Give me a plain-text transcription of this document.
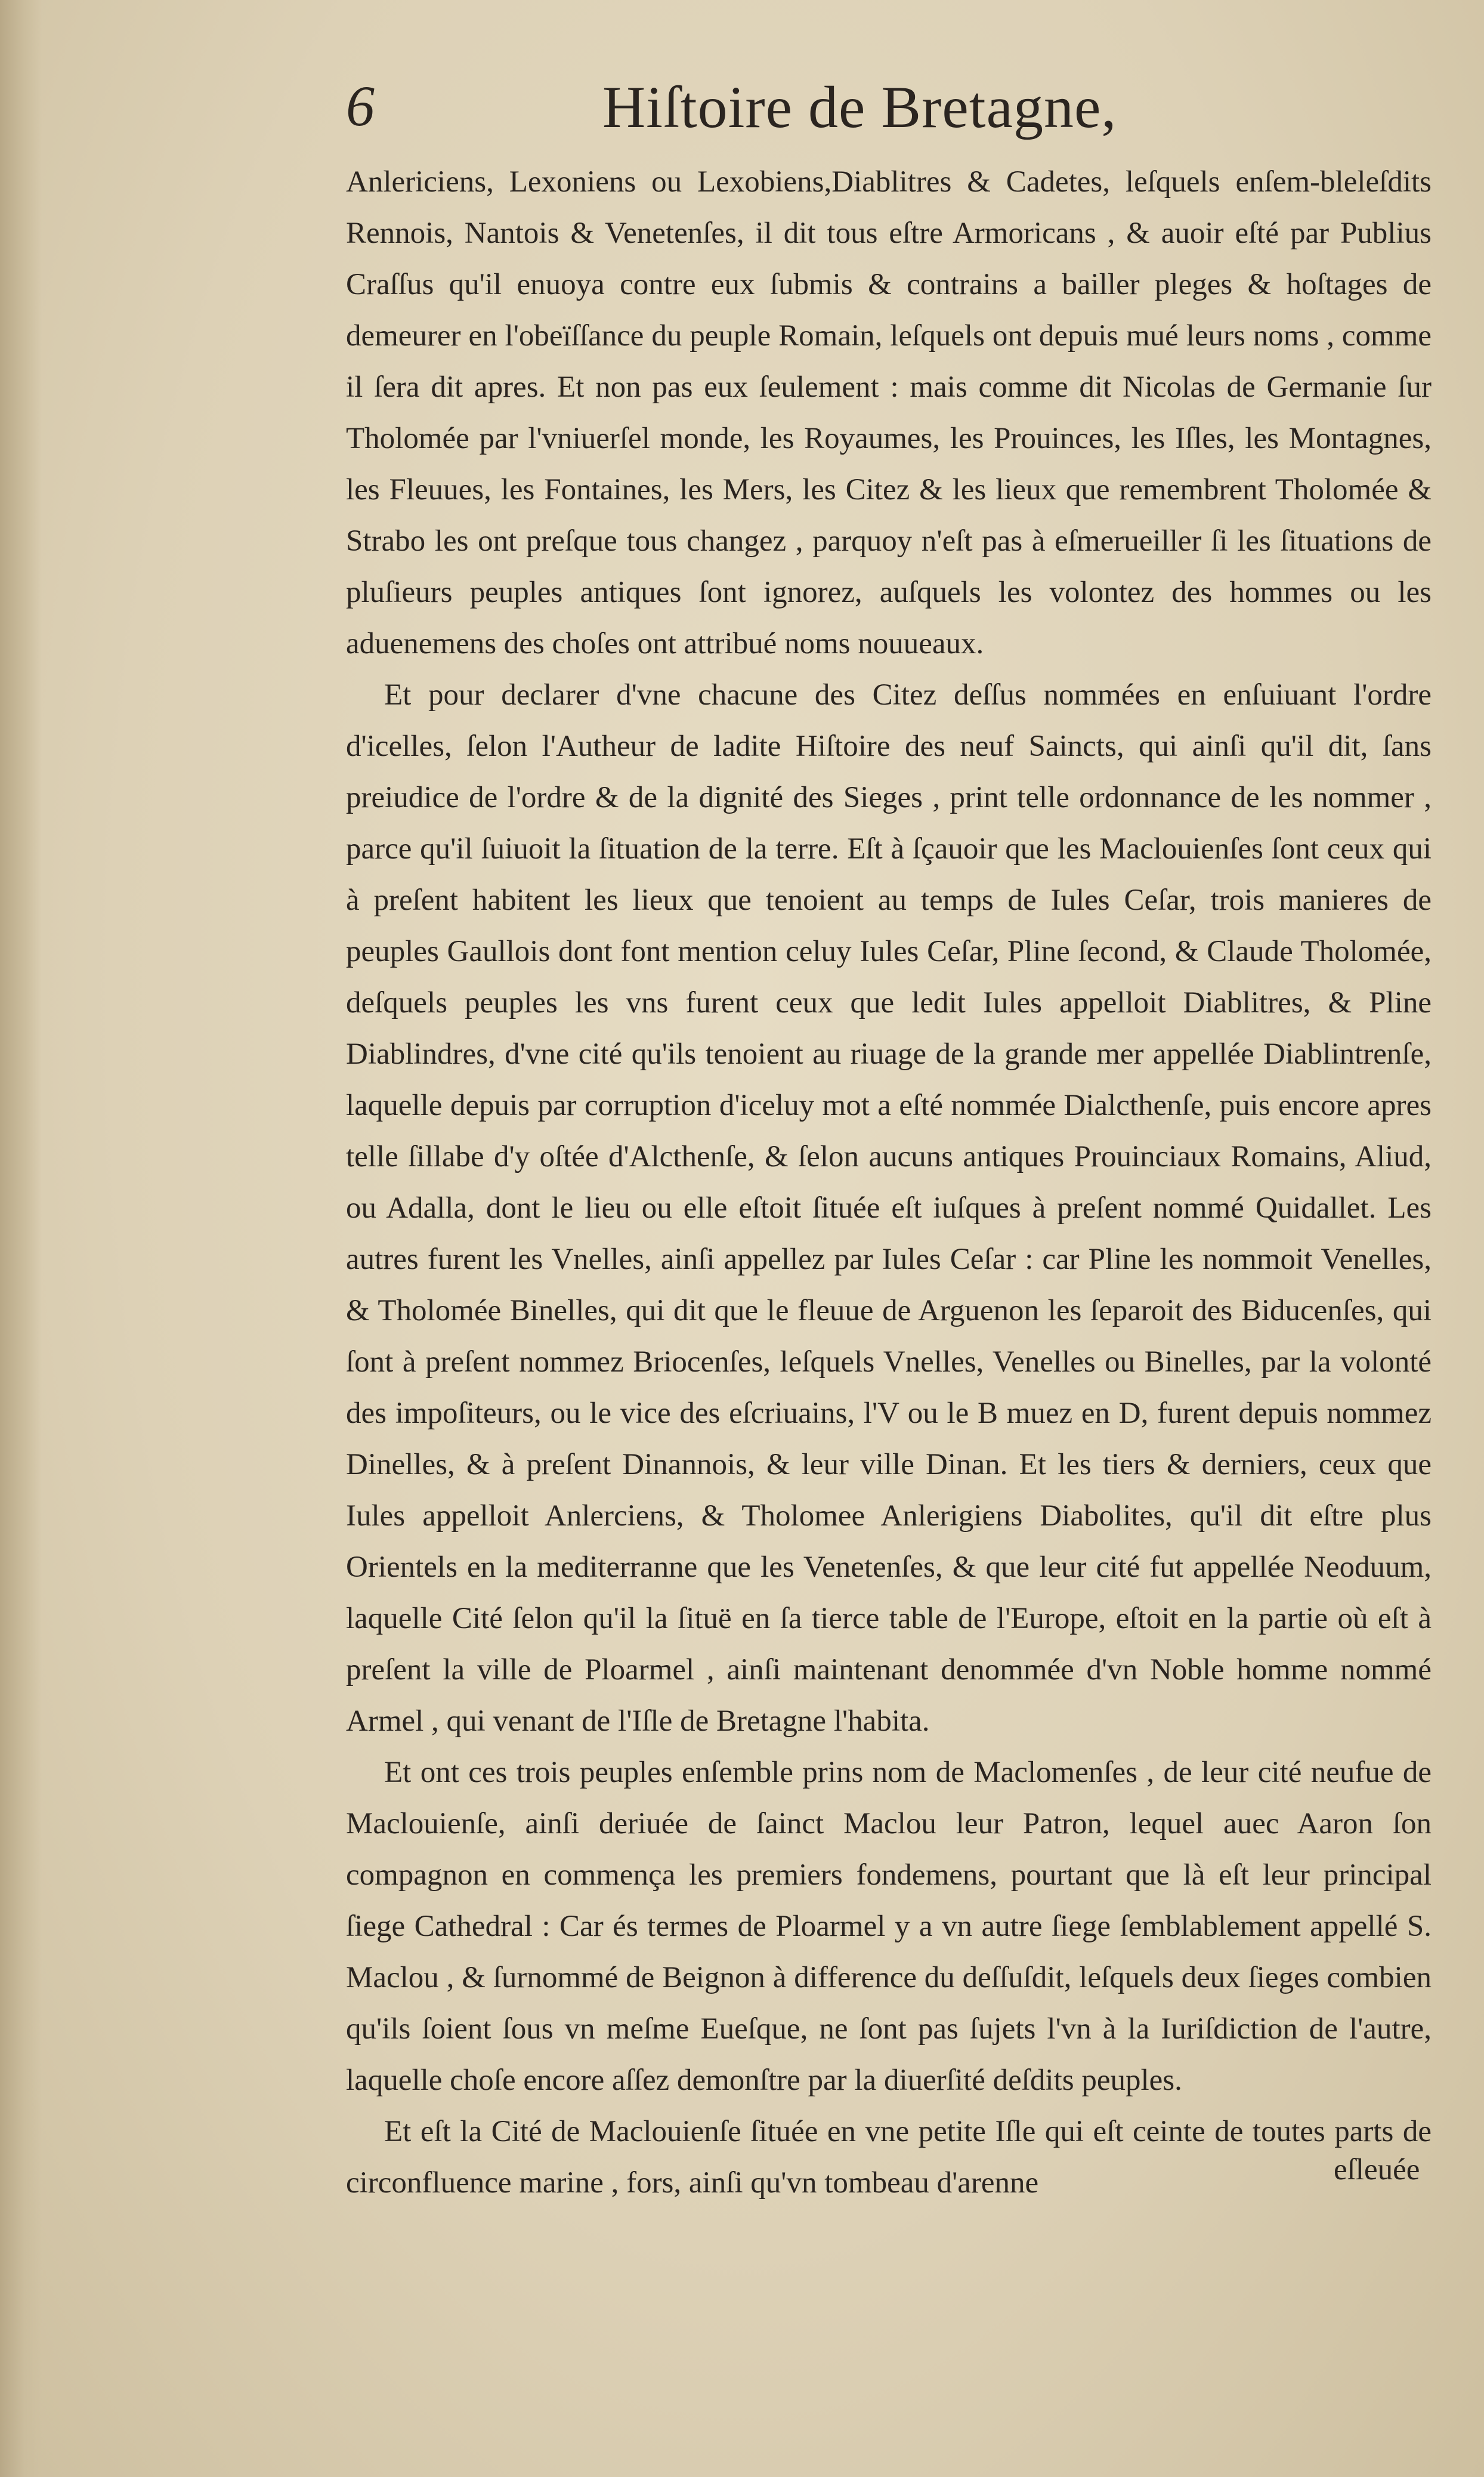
6	Hiſtoire de Bretagne,

Anlericiens, Lexoniens ou Lexobiens,Diablitres & Cadetes, leſquels enſem-bleleſdits Rennois, Nantois & Venetenſes, il dit tous eſtre Armoricans , & auoir eſté par Publius Craſſus qu'il enuoya contre eux ſubmis & contrains a bailler pleges & hoſtages de demeurer en l'obeïſſance du peuple Romain, leſquels ont depuis mué leurs noms , comme il ſera dit apres. Et non pas eux ſeulement : mais comme dit Nicolas de Germanie ſur Tholomée par l'vniuerſel monde, les Royaumes, les Prouinces, les Iſles, les Montagnes, les Fleuues, les Fontaines, les Mers, les Citez & les lieux que remembrent Tholomée & Strabo les ont preſque tous changez , parquoy n'eſt pas à eſmerueiller ſi les ſituations de pluſieurs peuples antiques ſont ignorez, auſquels les volontez des hommes ou les aduenemens des choſes ont attribué noms nouueaux.

Et pour declarer d'vne chacune des Citez deſſus nommées en enſuiuant l'ordre d'icelles, ſelon l'Autheur de ladite Hiſtoire des neuf Saincts, qui ainſi qu'il dit, ſans preiudice de l'ordre & de la dignité des Sieges , print telle ordonnance de les nommer , parce qu'il ſuiuoit la ſituation de la terre. Eſt à ſçauoir que les Maclouienſes ſont ceux qui à preſent habitent les lieux que tenoient au temps de Iules Ceſar, trois manieres de peuples Gaullois dont font mention celuy Iules Ceſar, Pline ſecond, & Claude Tholomée, deſquels peuples les vns furent ceux que ledit Iules appelloit Diablitres, & Pline Diablindres, d'vne cité qu'ils tenoient au riuage de la grande mer appellée Diablintrenſe, laquelle depuis par corruption d'iceluy mot a eſté nommée Dialcthenſe, puis encore apres telle ſillabe d'y oſtée d'Alcthenſe, & ſelon aucuns antiques Prouinciaux Romains, Aliud, ou Adalla, dont le lieu ou elle eſtoit ſituée eſt iuſques à preſent nommé Quidallet. Les autres furent les Vnelles, ainſi appellez par Iules Ceſar : car Pline les nommoit Venelles, & Tholomée Binelles, qui dit que le fleuue de Arguenon les ſeparoit des Biducenſes, qui ſont à preſent nommez Briocenſes, leſquels Vnelles, Venelles ou Binelles, par la volonté des impoſiteurs, ou le vice des eſcriuains, l'V ou le B muez en D, furent depuis nommez Dinelles, & à preſent Dinannois, & leur ville Dinan. Et les tiers & derniers, ceux que Iules appelloit Anlerciens, & Tholomee Anlerigiens Diabolites, qu'il dit eſtre plus Orientels en la mediterranne que les Venetenſes, & que leur cité fut appellée Neoduum, laquelle Cité ſelon qu'il la ſituë en ſa tierce table de l'Europe, eſtoit en la partie où eſt à preſent la ville de Ploarmel , ainſi maintenant denommée d'vn Noble homme nommé Armel , qui venant de l'Iſle de Bretagne l'habita.

Et ont ces trois peuples enſemble prins nom de Maclomenſes , de leur cité neufue de Maclouienſe, ainſi deriuée de ſainct Maclou leur Patron, lequel auec Aaron ſon compagnon en commença les premiers fondemens, pourtant que là eſt leur principal ſiege Cathedral : Car és termes de Ploarmel y a vn autre ſiege ſemblablement appellé S. Maclou , & ſurnommé de Beignon à difference du deſſuſdit, leſquels deux ſieges combien qu'ils ſoient ſous vn meſme Eueſque, ne ſont pas ſujets l'vn à la Iuriſdiction de l'autre, laquelle choſe encore aſſez demonſtre par la diuerſité deſdits peuples.

Et eſt la Cité de Maclouienſe ſituée en vne petite Iſle qui eſt ceinte de toutes parts de circonfluence marine , fors, ainſi qu'vn tombeau d'arenne	eſleuée
